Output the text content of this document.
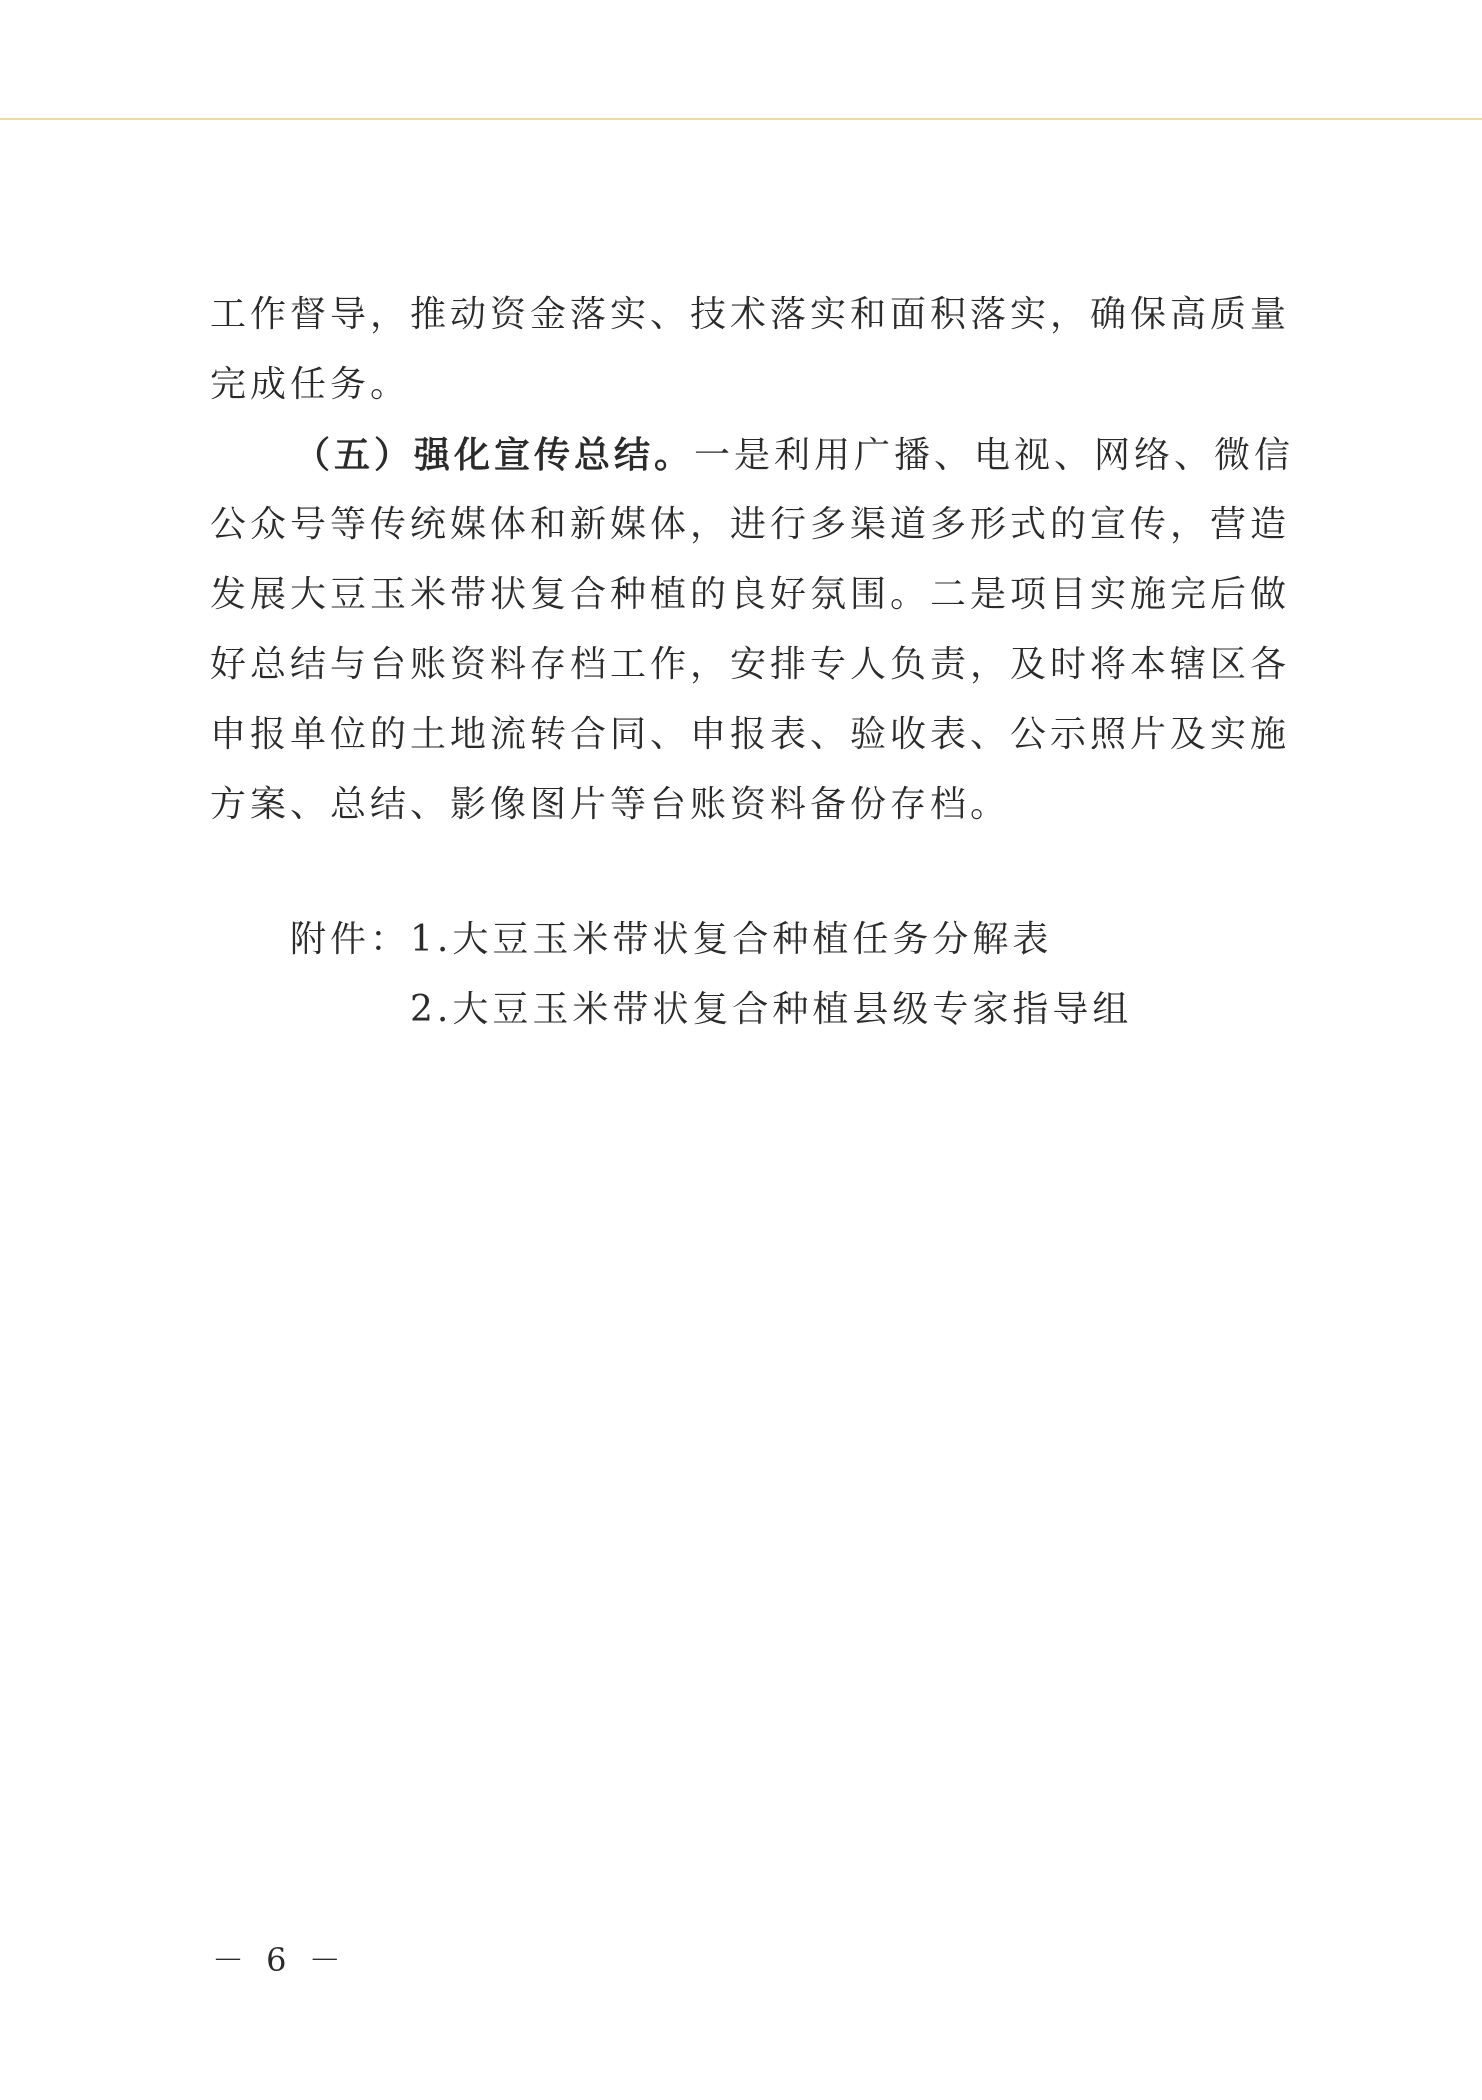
工作督导，推动资金落实、技术落实和面积落实，确保高质量
完成任务。
（五）强化宣传总结。一是利用广播、电视、网络、微信
公众号等传统媒体和新媒体，进行多渠道多形式的宣传，营造
发展大豆玉米带状复合种植的良好氛围。二是项目实施完后做
好总结与台账资料存档工作，安排专人负责，及时将本辖区各
申报单位的土地流转合同、申报表、验收表、公示照片及实施
方案、总结、影像图片等台账资料备份存档。
附件：1.大豆玉米带状复合种植任务分解表
2.大豆玉米带状复合种植县级专家指导组
－ 6 －
